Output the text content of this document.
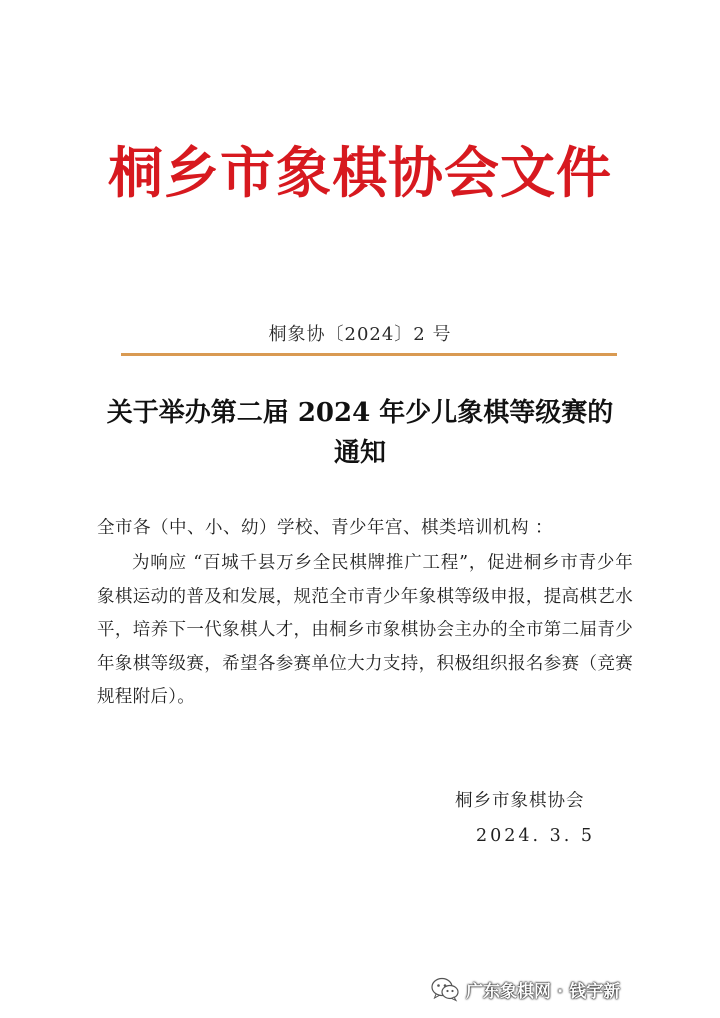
桐乡市象棋协会文件
桐象协〔2024〕2 号
关于举办第二届 2024 年少儿象棋等级赛的
通知
全市各（中、小、幼）学校、青少年宫、棋类培训机构 ：
为响应 “百城千县万乡全民棋牌推广工程”，促进桐乡市青少年象棋运动的普及和发展，规范全市青少年象棋等级申报，提高棋艺水平，培养下一代象棋人才，由桐乡市象棋协会主办的全市第二届青少年象棋等级赛，希望各参赛单位大力支持，积极组织报名参赛（竞赛规程附后）。
桐乡市象棋协会
2024. 3. 5
广东象棋网 · 钱宇新
